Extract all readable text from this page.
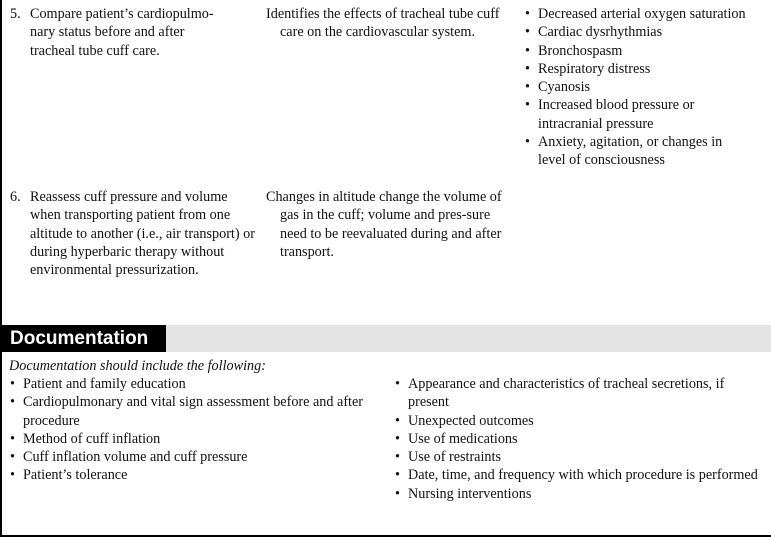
5. Compare patient’s cardiopulmo-
nary status before and after
tracheal tube cuff care.

Identifies the effects of tracheal tube cuff care on the cardiovascular system.

• Decreased arterial oxygen saturation
• Cardiac dysrhythmias
• Bronchospasm
• Respiratory distress
• Cyanosis
• Increased blood pressure or intracranial pressure
• Anxiety, agitation, or changes in level of consciousness
6. Reassess cuff pressure and volume when transporting patient from one altitude to another (i.e., air transport) or during hyperbaric therapy without environmental pressurization.

Changes in altitude change the volume of gas in the cuff; volume and pres-sure need to be reevaluated during and after transport.

Documentation
Documentation should include the following:
• Patient and family education
• Cardiopulmonary and vital sign assessment before and after procedure
• Method of cuff inflation
• Cuff inflation volume and cuff pressure
• Patient’s tolerance
• Appearance and characteristics of tracheal secretions, if present
• Unexpected outcomes
• Use of medications
• Use of restraints
• Date, time, and frequency with which procedure is performed
• Nursing interventions
